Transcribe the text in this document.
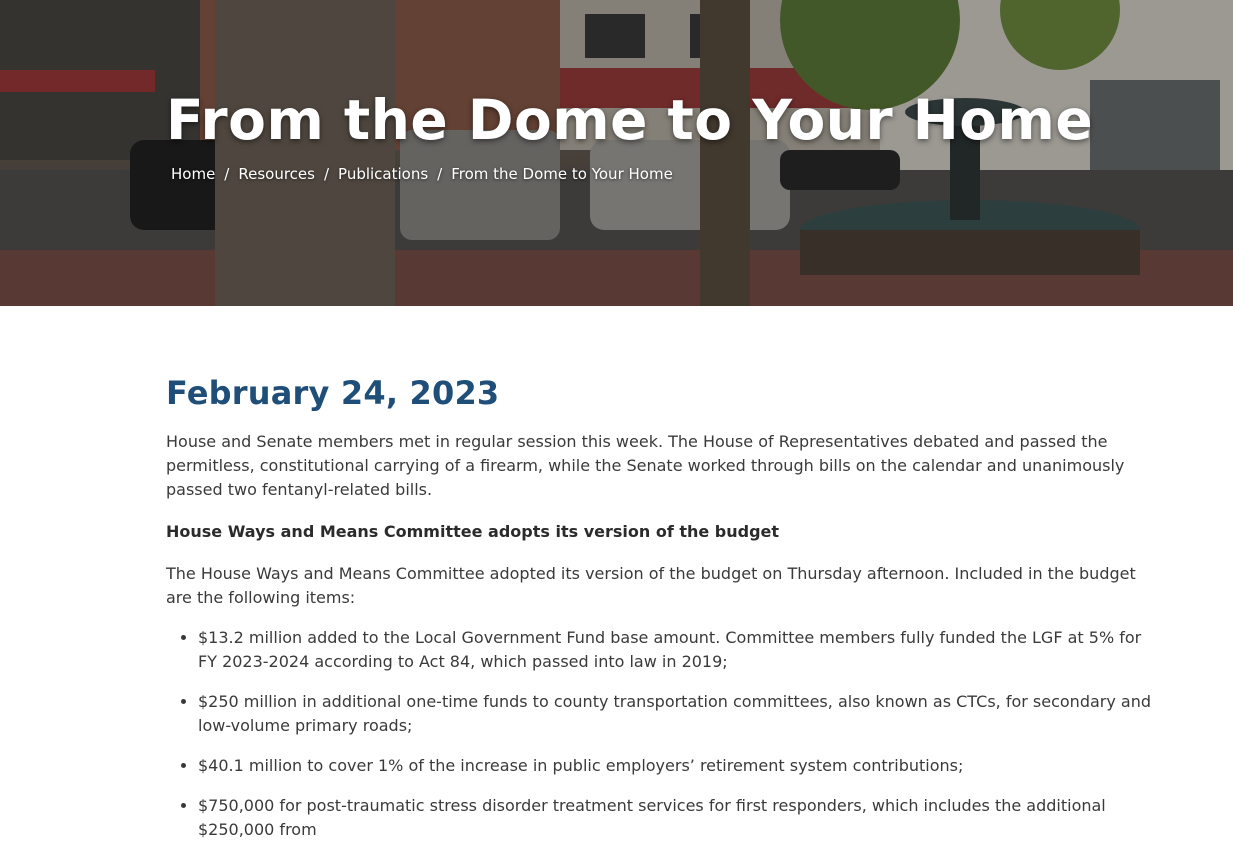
From the Dome to Your Home
Home / Resources / Publications / From the Dome to Your Home
February 24, 2023

House and Senate members met in regular session this week. The House of Representatives debated and passed the permitless, constitutional carrying of a firearm, while the Senate worked through bills on the calendar and unanimously passed two fentanyl-related bills.

House Ways and Means Committee adopts its version of the budget

The House Ways and Means Committee adopted its version of the budget on Thursday afternoon. Included in the budget are the following items:

• $13.2 million added to the Local Government Fund base amount. Committee members fully funded the LGF at 5% for FY 2023-2024 according to Act 84, which passed into law in 2019;
• $250 million in additional one-time funds to county transportation committees, also known as CTCs, for secondary and low-volume primary roads;
• $40.1 million to cover 1% of the increase in public employers’ retirement system contributions;
• $750,000 for post-traumatic stress disorder treatment services for first responders, which includes the additional $250,000 from
